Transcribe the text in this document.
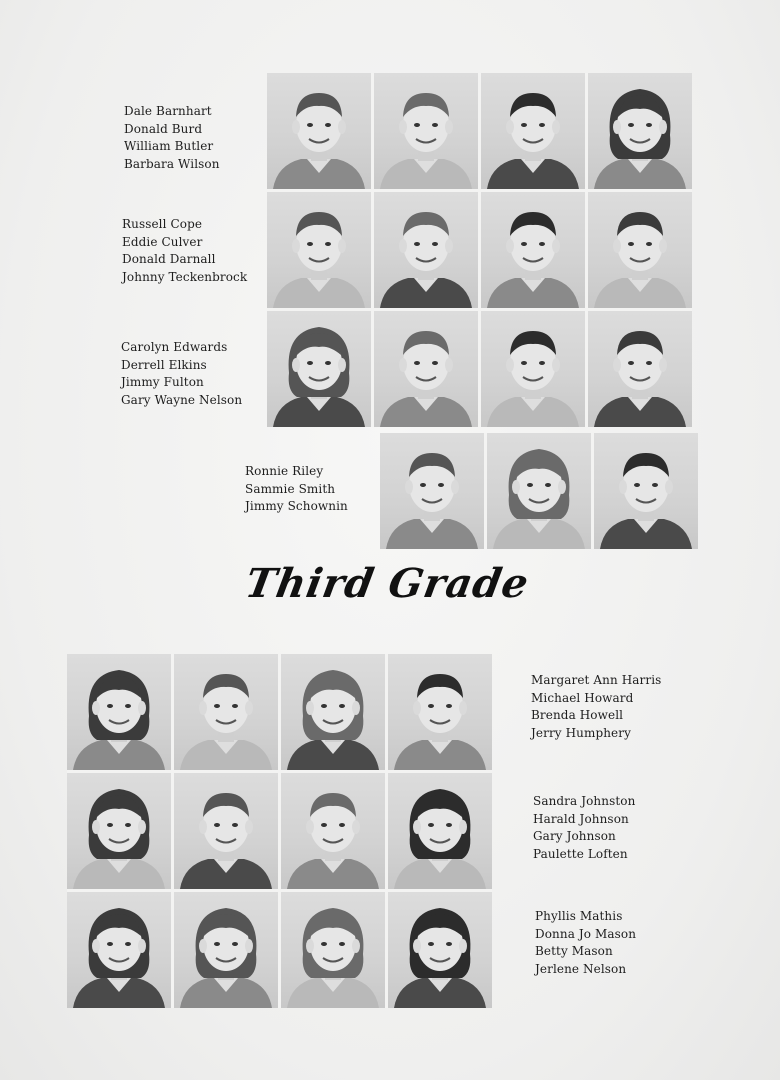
Dale Barnhart
Donald Burd
William Butler
Barbara Wilson
Russell Cope
Eddie Culver
Donald Darnall
Johnny Teckenbrock
Carolyn Edwards
Derrell Elkins
Jimmy Fulton
Gary Wayne Nelson
Ronnie Riley
Sammie Smith
Jimmy Schownin
Third Grade
Margaret Ann Harris
Michael Howard
Brenda Howell
Jerry Humphery
Sandra Johnston
Harald Johnson
Gary Johnson
Paulette Loften
Phyllis Mathis
Donna Jo Mason
Betty Mason
Jerlene Nelson
